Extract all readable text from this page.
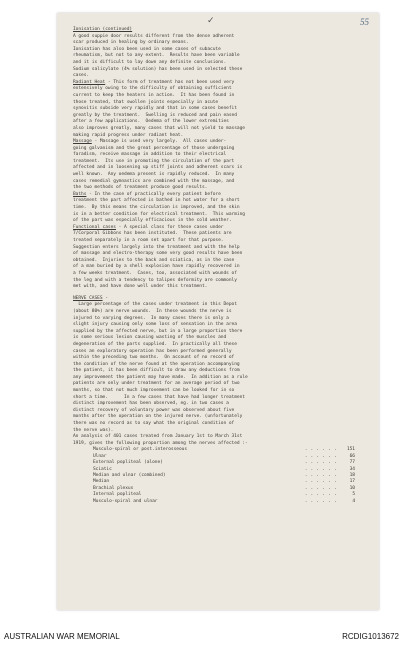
✓	55
Ionisation (continued)
A good suppie door results different from the dense adherent
scar produced in healing by ordinary means.
Ionisation has also been used in some cases of subacute
rheumatism, but not to any extent.  Results have been variable
and it is difficult to lay down any definite conclusions.
Sodium salicylate (4% solution) has been used in selected these
cases.
Radiant Heat - This form of treatment has not been used very
extensively owing to the difficulty of obtaining sufficient
current to keep the heaters in action.  It has been found in
those treated, that swollen joints especially in acute
synovitis subside very rapidly and that in some cases benefit
greatly by the treatment.  Swelling is reduced and pain eased
after a few applications.  Oedema of the lower extremities
also improves greatly, many cases that will not yield to massage
making rapid progress under radiant heat.
Massage - Massage is used very largely.  All cases under-
going galvanism and the great percentage of those undergoing
faradism, receive massage in addition to their electrical
treatment.  Its use in promoting the circulation of the part
affected and in loosening up stiff joints and adherent scars is
well known.  Any oedema present is rapidly reduced.  In many
cases remedial gymnastics are combined with the massage, and
the two methods of treatment produce good results.
Baths - In the case of practically every patient before
treatment the part affected is bathed in hot water for a short
time.  By this means the circulation is improved, and the skin
is in a better condition for electrical treatment.  This warming
of the part was especially efficacious in the cold weather.
Functional cases - A special class for these cases under
7/Corporal Gibbons has been instituted.  These patients are
treated separately in a room set apart for that purpose.
Suggestion enters largely into the treatment and with the help
of massage and electro-therapy some very good results have been
obtained.  Injuries to the back and sciatica, as in the case
of a man buried by a shell explosion have rapidly recovered in
a few weeks treatment.  Cases, too, associated with wounds of
the leg and with a tendency to talipes deformity are commonly
met with, and have done well under this treatment.
NERVE CASES -
Large percentage of the cases under treatment in this Depot
(about 80%) are nerve wounds.  In these wounds the nerve is
injured to varying degrees.  In many cases there is only a
slight injury causing only some loss of sensation in the area
supplied by the affected nerve, but in a large proportion there
is some serious lesion causing wasting of the muscles and
degeneration of the parts supplied.  In practically all these
cases an exploratory operation has been performed generally
within the preceding two months.  On account of no record of
the condition of the nerve found at the operation accompanying
the patient, it has been difficult to draw any deductions from
any improvement the patient may have made.  In addition as a rule
patients are only under treatment for an average period of two
months, so that not much improvement can be looked for in so
short a time.      In a few cases that have had longer treatment
distinct improvement has been observed, eg. in two cases a
distinct recovery of voluntary power was observed about five
months after the operation on the injured nerve. (unfortunately
there was no record as to say what the original condition of
the nerve was).
An analysis of 401 cases treated from January 1st to March 31st
1919, gives the following proportion among the nerves affected :-
Musculo-spiral or post.interosseous	. . . . . .	151
Ulnar	. . . . . .	66
External popliteal (alone)	. . . . . .	77
Sciatic	. . . . . .	34
Median and ulnar (combined)	. . . . . .	18
Median	. . . . . .	17
Brachial plexus	. . . . . .	10
Internal popliteal	. . . . . .	5
Musculo-spiral and ulnar	. . . . . .	4
AUSTRALIAN WAR MEMORIAL	RCDIG1013672
